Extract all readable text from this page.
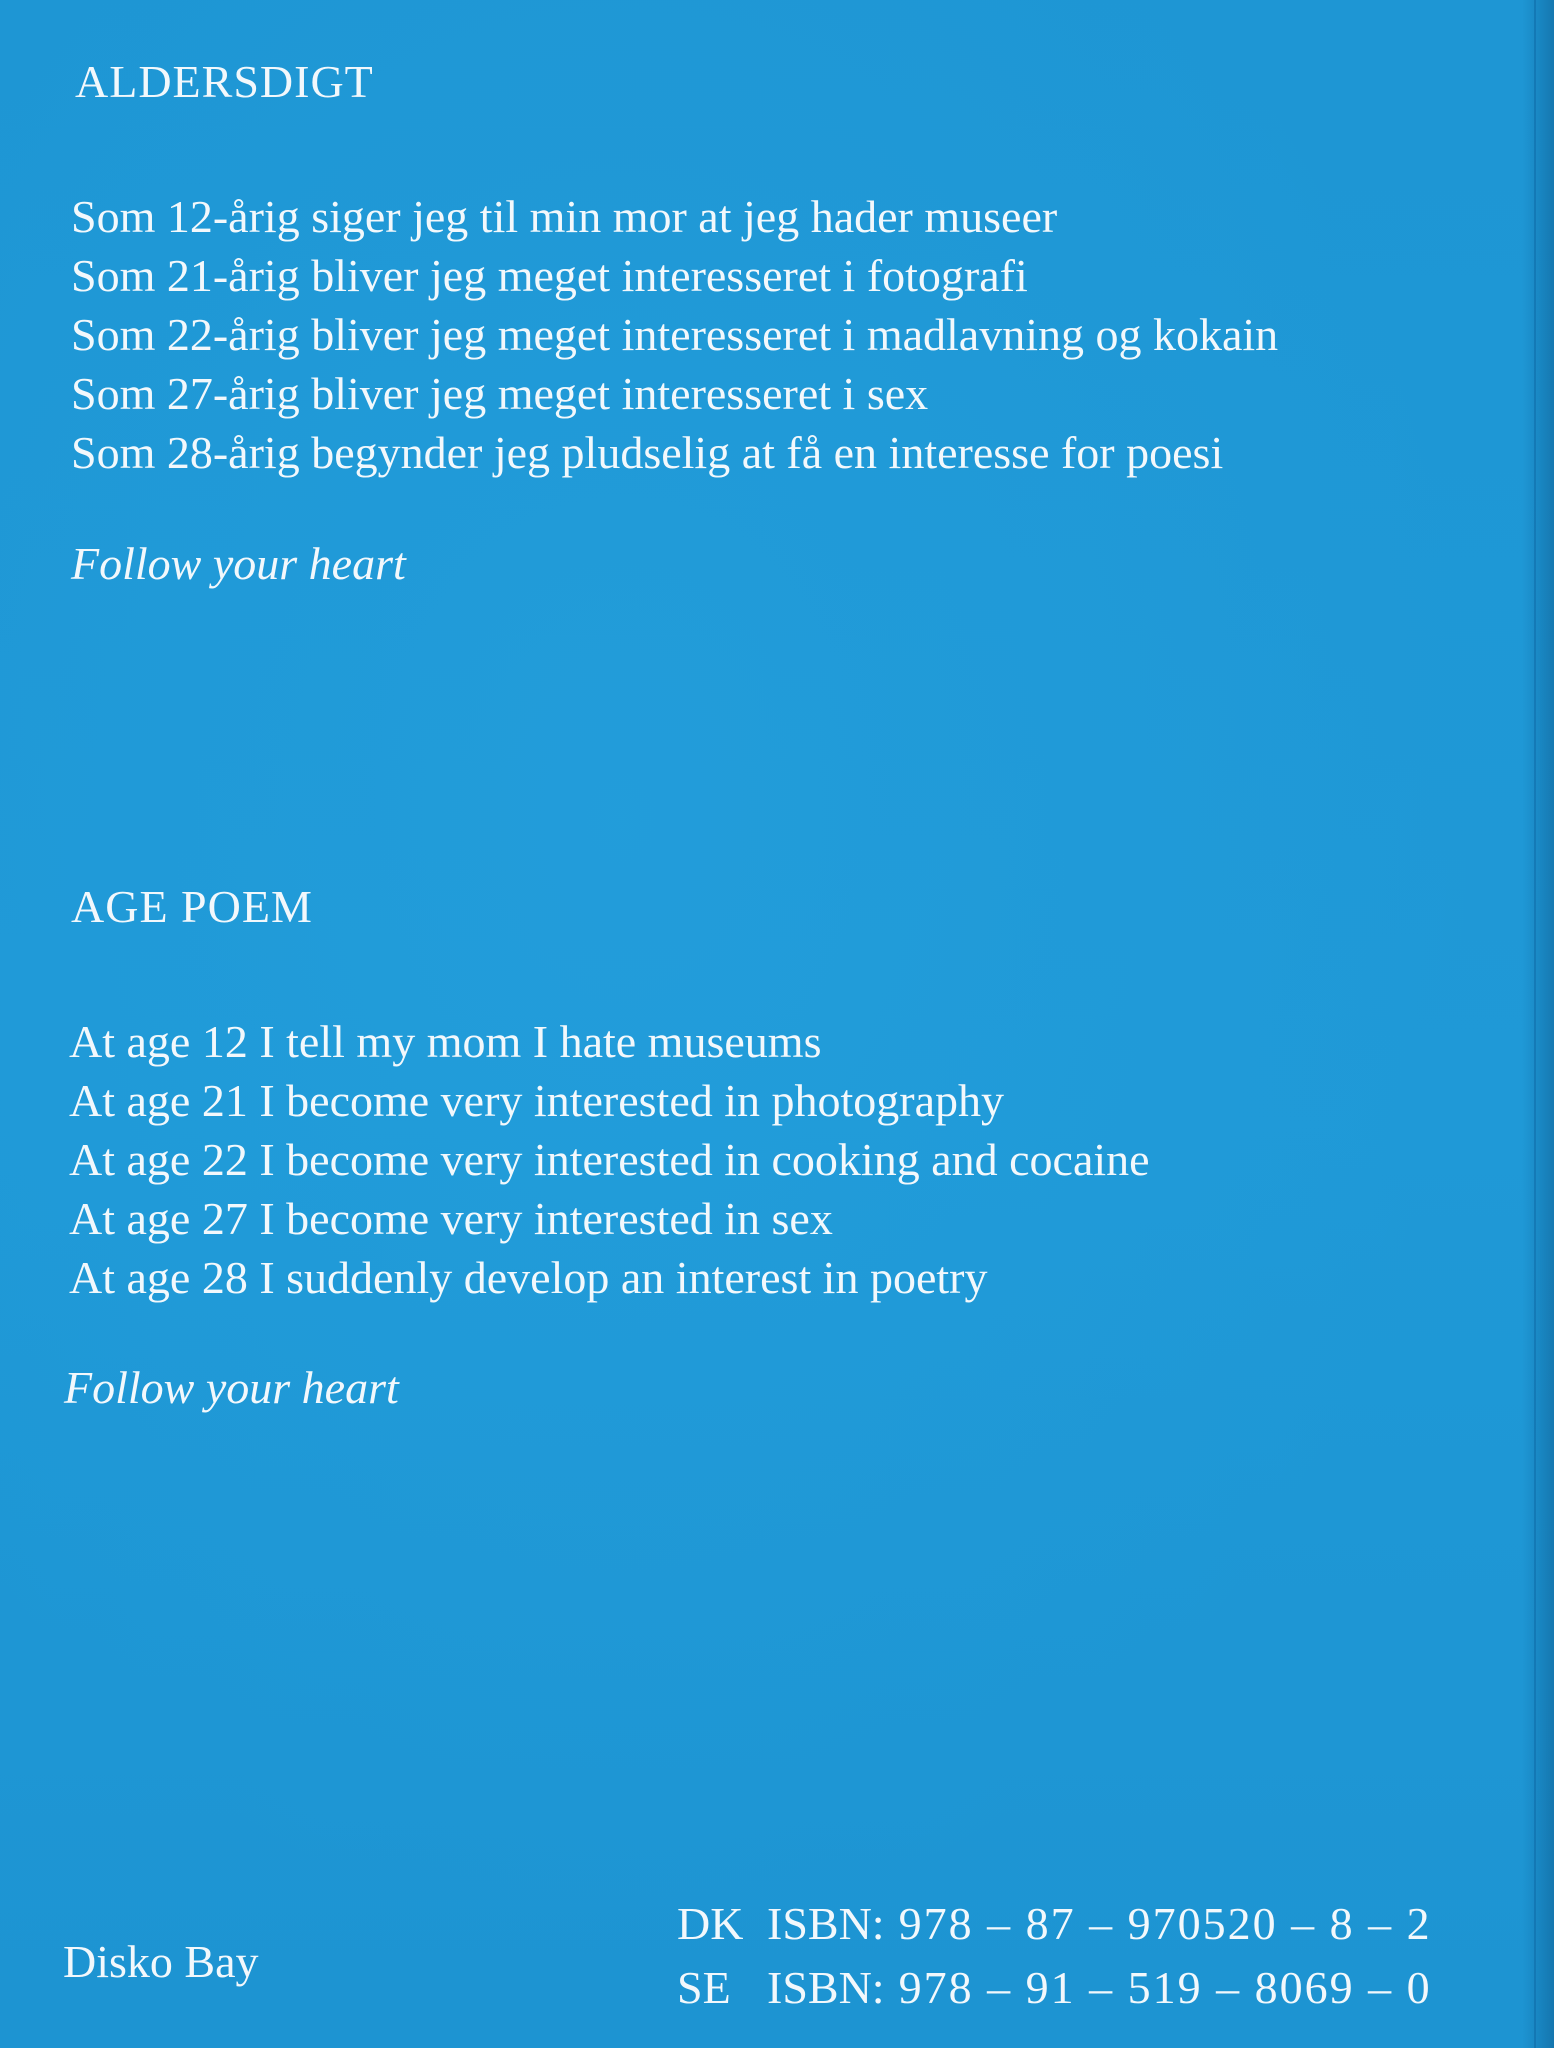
ALDERSDIGT
Som 12-årig siger jeg til min mor at jeg hader museer
Som 21-årig bliver jeg meget interesseret i fotografi
Som 22-årig bliver jeg meget interesseret i madlavning og kokain
Som 27-årig bliver jeg meget interesseret i sex
Som 28-årig begynder jeg pludselig at få en interesse for poesi

Follow your heart

AGE POEM
At age 12 I tell my mom I hate museums
At age 21 I become very interested in photography
At age 22 I become very interested in cooking and cocaine
At age 27 I become very interested in sex
At age 28 I suddenly develop an interest in poetry

Follow your heart

Disko Bay
DK ISBN: 978 – 87 – 970520 – 8 – 2
SE ISBN: 978 – 91 – 519 – 8069 – 0
